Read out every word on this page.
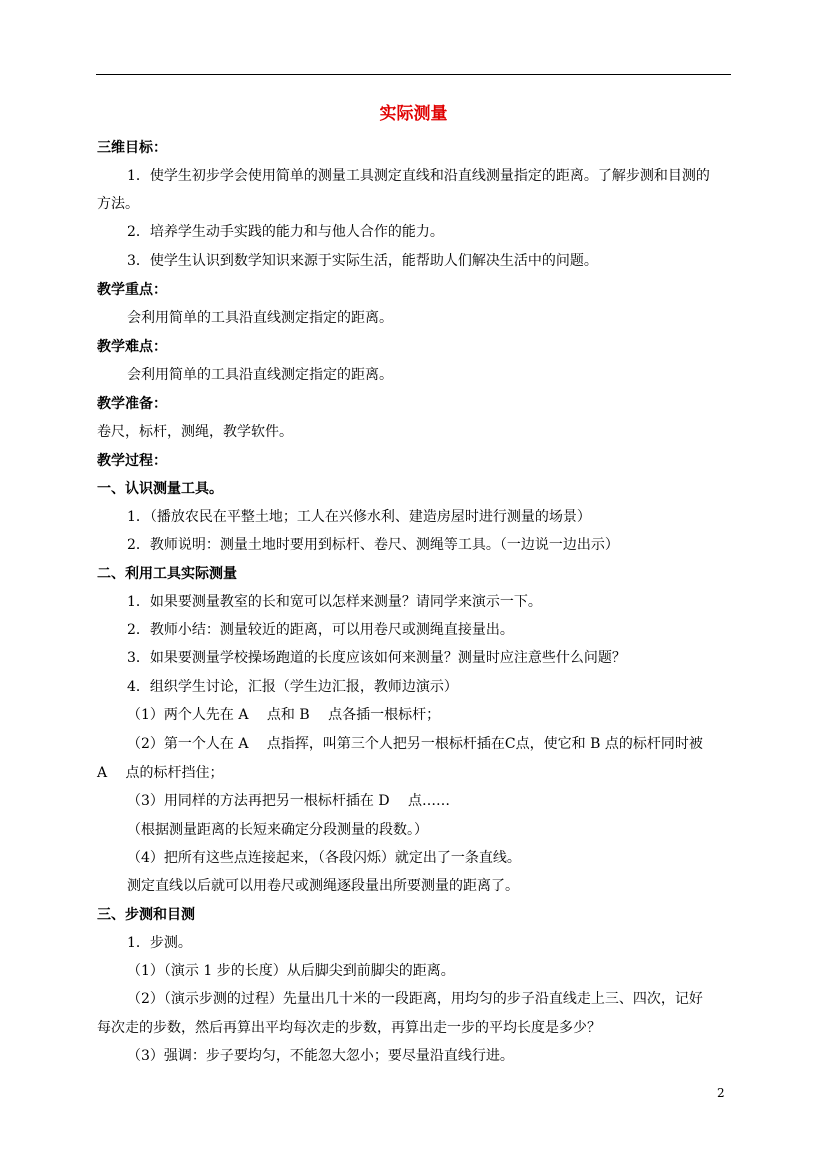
实际测量
三维目标：
1．使学生初步学会使用简单的测量工具测定直线和沿直线测量指定的距离。了解步测和目测的
方法。
2．培养学生动手实践的能力和与他人合作的能力。
3．使学生认识到数学知识来源于实际生活，能帮助人们解决生活中的问题。
教学重点：
会利用简单的工具沿直线测定指定的距离。
教学难点：
会利用简单的工具沿直线测定指定的距离。
教学准备：
卷尺，标杆，测绳，教学软件。
教学过程：
一、认识测量工具。
1．（播放农民在平整土地；工人在兴修水利、建造房屋时进行测量的场景）
2．教师说明：测量土地时要用到标杆、卷尺、测绳等工具。（一边说一边出示）
二、利用工具实际测量
1．如果要测量教室的长和宽可以怎样来测量？请同学来演示一下。
2．教师小结：测量较近的距离，可以用卷尺或测绳直接量出。
3．如果要测量学校操场跑道的长度应该如何来测量？测量时应注意些什么问题？
4．组织学生讨论，汇报（学生边汇报，教师边演示）
（1）两个人先在 A　 点和 B　 点各插一根标杆；
（2）第一个人在 A　 点指挥，叫第三个人把另一根标杆插在C点，使它和 B 点的标杆同时被
A　 点的标杆挡住；
（3）用同样的方法再把另一根标杆插在 D　 点……
（根据测量距离的长短来确定分段测量的段数。）
（4）把所有这些点连接起来，（各段闪烁）就定出了一条直线。
测定直线以后就可以用卷尺或测绳逐段量出所要测量的距离了。
三、步测和目测
1．步测。
（1）（演示 1 步的长度）从后脚尖到前脚尖的距离。
（2）（演示步测的过程）先量出几十米的一段距离，用均匀的步子沿直线走上三、四次，记好
每次走的步数，然后再算出平均每次走的步数，再算出走一步的平均长度是多少？
（3）强调：步子要均匀，不能忽大忽小；要尽量沿直线行进。
2
